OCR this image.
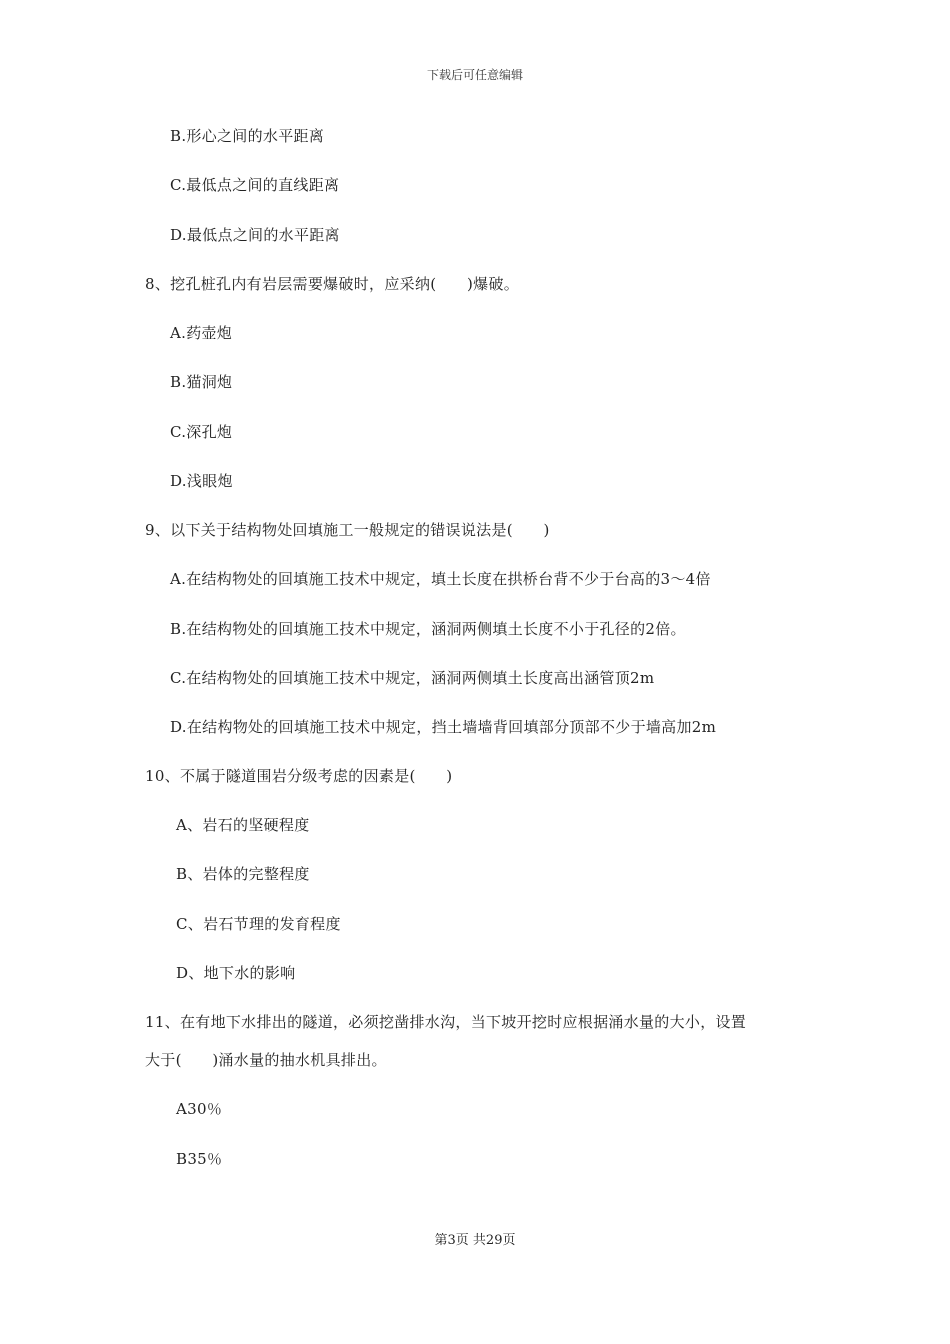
下载后可任意编辑
B.形心之间的水平距离
C.最低点之间的直线距离
D.最低点之间的水平距离
8、挖孔桩孔内有岩层需要爆破时，应采纳(　　)爆破。
A.药壶炮
B.猫洞炮
C.深孔炮
D.浅眼炮
9、以下关于结构物处回填施工一般规定的错误说法是(　　)
A.在结构物处的回填施工技术中规定，填土长度在拱桥台背不少于台高的3～4倍
B.在结构物处的回填施工技术中规定，涵洞两侧填土长度不小于孔径的2倍。
C.在结构物处的回填施工技术中规定，涵洞两侧填土长度高出涵管顶2m
D.在结构物处的回填施工技术中规定，挡土墙墙背回填部分顶部不少于墙高加2m
10、不属于隧道围岩分级考虑的因素是(　　)
A、岩石的坚硬程度
B、岩体的完整程度
C、岩石节理的发育程度
D、地下水的影响
11、在有地下水排出的隧道，必须挖凿排水沟，当下坡开挖时应根据涌水量的大小，设置
大于(　　)涌水量的抽水机具排出。
A30％
B35％
第3页 共29页
